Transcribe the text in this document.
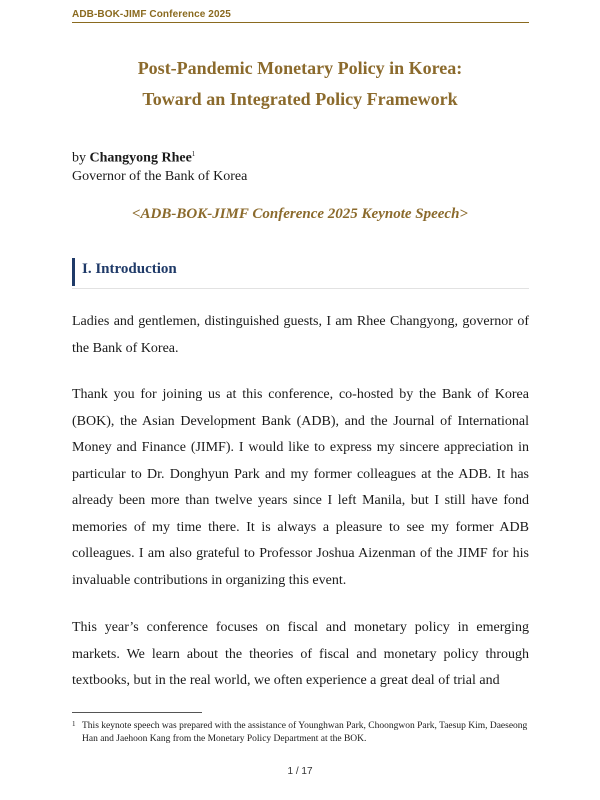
ADB-BOK-JIMF Conference 2025
Post-Pandemic Monetary Policy in Korea:
Toward an Integrated Policy Framework
by Changyong Rhee$^1$
Governor of the Bank of Korea
<ADB-BOK-JIMF Conference 2025 Keynote Speech>
I. Introduction

Ladies and gentlemen, distinguished guests, I am Rhee Changyong, governor of the Bank of Korea.

Thank you for joining us at this conference, co-hosted by the Bank of Korea (BOK), the Asian Development Bank (ADB), and the Journal of International Money and Finance (JIMF). I would like to express my sincere appreciation in particular to Dr. Donghyun Park and my former colleagues at the ADB. It has already been more than twelve years since I left Manila, but I still have fond memories of my time there. It is always a pleasure to see my former ADB colleagues. I am also grateful to Professor Joshua Aizenman of the JIMF for his invaluable contributions in organizing this event.

This year’s conference focuses on fiscal and monetary policy in emerging markets. We learn about the theories of fiscal and monetary policy through textbooks, but in the real world, we often experience a great deal of trial and

1 This keynote speech was prepared with the assistance of Younghwan Park, Choongwon Park, Taesup Kim, Daeseong Han and Jaehoon Kang from the Monetary Policy Department at the BOK.
1 / 17
